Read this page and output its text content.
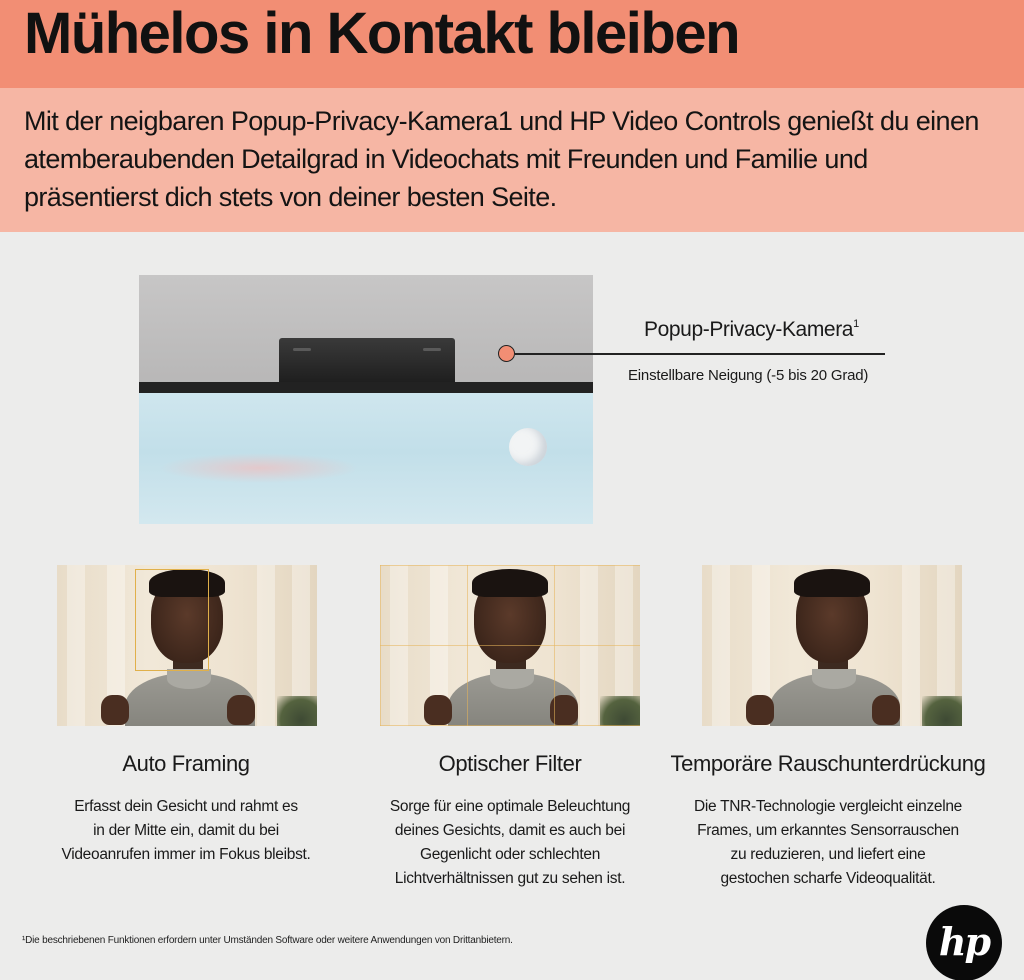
Mühelos in Kontakt bleiben

Mit der neigbaren Popup-Privacy-Kamera1 und HP Video Controls genießt du einen atemberaubenden Detailgrad in Videochats mit Freunden und Familie und präsentierst dich stets von deiner besten Seite.

Popup-Privacy-Kamera$^1$
Einstellbare Neigung (-5 bis 20 Grad)
Auto Framing
Erfasst dein Gesicht und rahmt es
in der Mitte ein, damit du bei
Videoanrufen immer im Fokus bleibst.
Optischer Filter
Sorge für eine optimale Beleuchtung
deines Gesichts, damit es auch bei
Gegenlicht oder schlechten
Lichtverhältnissen gut zu sehen ist.
Temporäre Rauschunterdrückung
Die TNR-Technologie vergleicht einzelne
Frames, um erkanntes Sensorrauschen
zu reduzieren, und liefert eine
gestochen scharfe Videoqualität.
¹Die beschriebenen Funktionen erfordern unter Umständen Software oder weitere Anwendungen von Drittanbietern.	hp
